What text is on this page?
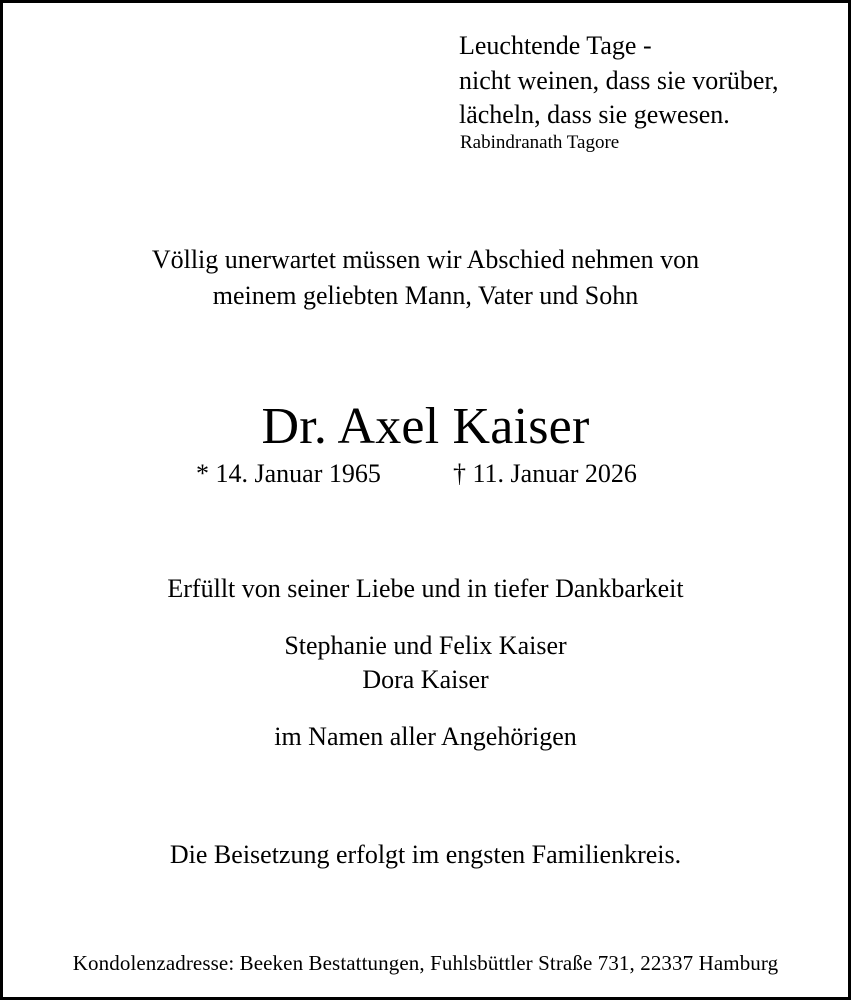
Leuchtende Tage -
nicht weinen, dass sie vorüber,
lächeln, dass sie gewesen.
Rabindranath Tagore
Völlig unerwartet müssen wir Abschied nehmen von
meinem geliebten Mann, Vater und Sohn
Dr. Axel Kaiser
* 14. Januar 1965	† 11. Januar 2026
Erfüllt von seiner Liebe und in tiefer Dankbarkeit
Stephanie und Felix Kaiser
Dora Kaiser
im Namen aller Angehörigen
Die Beisetzung erfolgt im engsten Familienkreis.
Kondolenzadresse: Beeken Bestattungen, Fuhlsbüttler Straße 731, 22337 Hamburg
